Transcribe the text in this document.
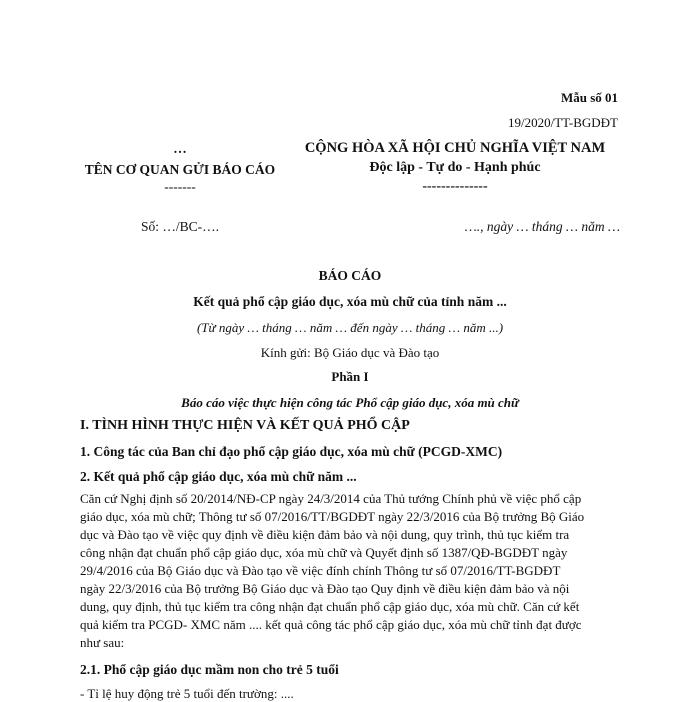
Mẫu số 01
19/2020/TT-BGDĐT
…
TÊN CƠ QUAN GỬI BÁO CÁO
-------
CỘNG HÒA XÃ HỘI CHỦ NGHĨA VIỆT NAM
Độc lập - Tự do - Hạnh phúc
--------------
Số: …/BC-….	…., ngày … tháng … năm …
BÁO CÁO
Kết quả phổ cập giáo dục, xóa mù chữ của tỉnh năm ...
(Từ ngày … tháng … năm … đến ngày … tháng … năm ...)
Kính gửi: Bộ Giáo dục và Đào tạo
Phần I
Báo cáo việc thực hiện công tác Phổ cập giáo dục, xóa mù chữ
I. TÌNH HÌNH THỰC HIỆN VÀ KẾT QUẢ PHỔ CẬP
1. Công tác của Ban chỉ đạo phổ cập giáo dục, xóa mù chữ (PCGD-XMC)
2. Kết quả phổ cập giáo dục, xóa mù chữ năm ...
Căn cứ Nghị định số 20/2014/NĐ-CP ngày 24/3/2014 của Thủ tướng Chính phủ về việc phổ cập
giáo dục, xóa mù chữ; Thông tư số 07/2016/TT/BGDĐT ngày 22/3/2016 của Bộ trưởng Bộ Giáo
dục và Đào tạo về việc quy định về điều kiện đảm bảo và nội dung, quy trình, thủ tục kiểm tra
công nhận đạt chuẩn phổ cập giáo dục, xóa mù chữ và Quyết định số 1387/QĐ-BGDĐT ngày
29/4/2016 của Bộ Giáo dục và Đào tạo về việc đính chính Thông tư số 07/2016/TT-BGDĐT
ngày 22/3/2016 của Bộ trưởng Bộ Giáo dục và Đào tạo Quy định về điều kiện đảm bảo và nội
dung, quy định, thủ tục kiểm tra công nhận đạt chuẩn phổ cập giáo dục, xóa mù chữ. Căn cứ kết
quả kiểm tra PCGD- XMC năm .... kết quả công tác phổ cập giáo dục, xóa mù chữ tỉnh đạt được
như sau:
2.1. Phổ cập giáo dục mầm non cho trẻ 5 tuổi
- Tỉ lệ huy động trẻ 5 tuổi đến trường: ....
